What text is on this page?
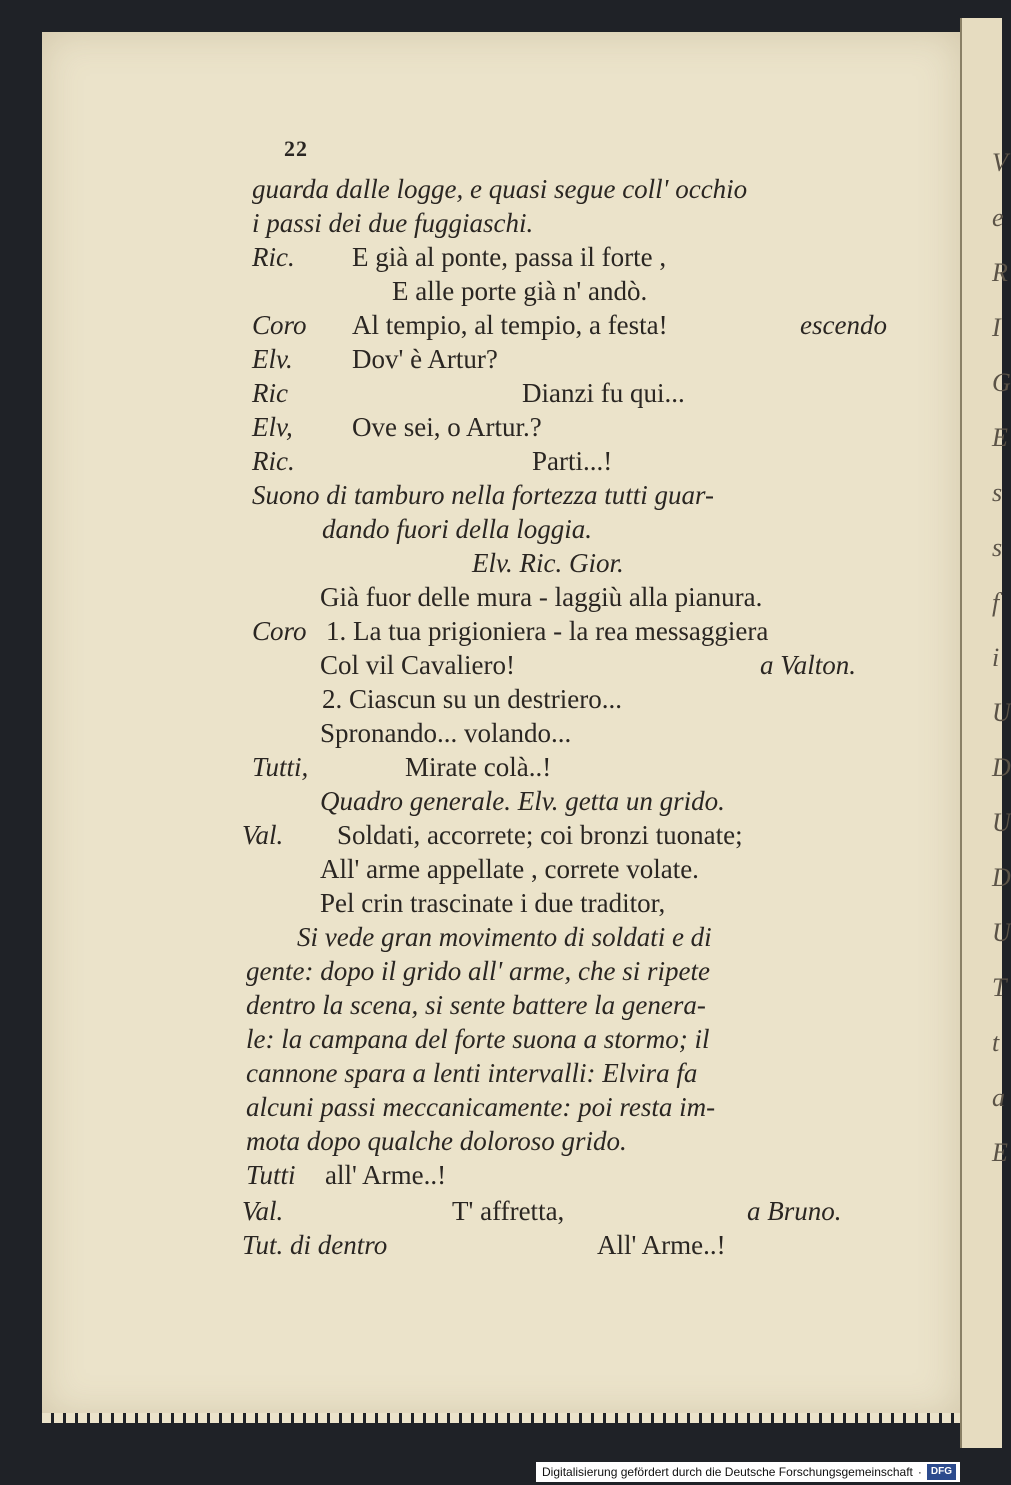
V
e
R
I
G
E
s
s
f
i
U
D
U
D
U
T
t
a
E
22
guarda dalle logge, e quasi segue coll' occhio
i passi dei due fuggiaschi.
Ric. E già al ponte, passa il forte ,
E alle porte già n' andò.
Coro Al tempio, al tempio, a festa!	escendo
Elv. Dov' è Artur?
Ric	Dianzi fu qui...
Elv, Ove sei, o Artur.?
Ric.	Parti...!
Suono di tamburo nella fortezza tutti guar-
dando fuori della loggia.
Elv. Ric. Gior.
Già fuor delle mura - laggiù alla pianura.
Coro 1. La tua prigioniera - la rea messaggiera
Col vil Cavaliero!	a Valton.
2. Ciascun su un destriero...
Spronando... volando...
Tutti,	Mirate colà..!
Quadro generale. Elv. getta un grido.
Val. Soldati, accorrete; coi bronzi tuonate;
All' arme appellate , correte volate.
Pel crin trascinate i due traditor,
Si vede gran movimento di soldati e di
gente: dopo il grido all' arme, che si ripete
dentro la scena, si sente battere la genera-
le: la campana del forte suona a stormo; il
cannone spara a lenti intervalli: Elvira fa
alcuni passi meccanicamente: poi resta im-
mota dopo qualche doloroso grido.
Tutti all' Arme..!
Val.	T' affretta,	a Bruno.
Tut. di dentro	All' Arme..!
Digitalisierung gefördert durch die Deutsche Forschungsgemeinschaft · DFG
